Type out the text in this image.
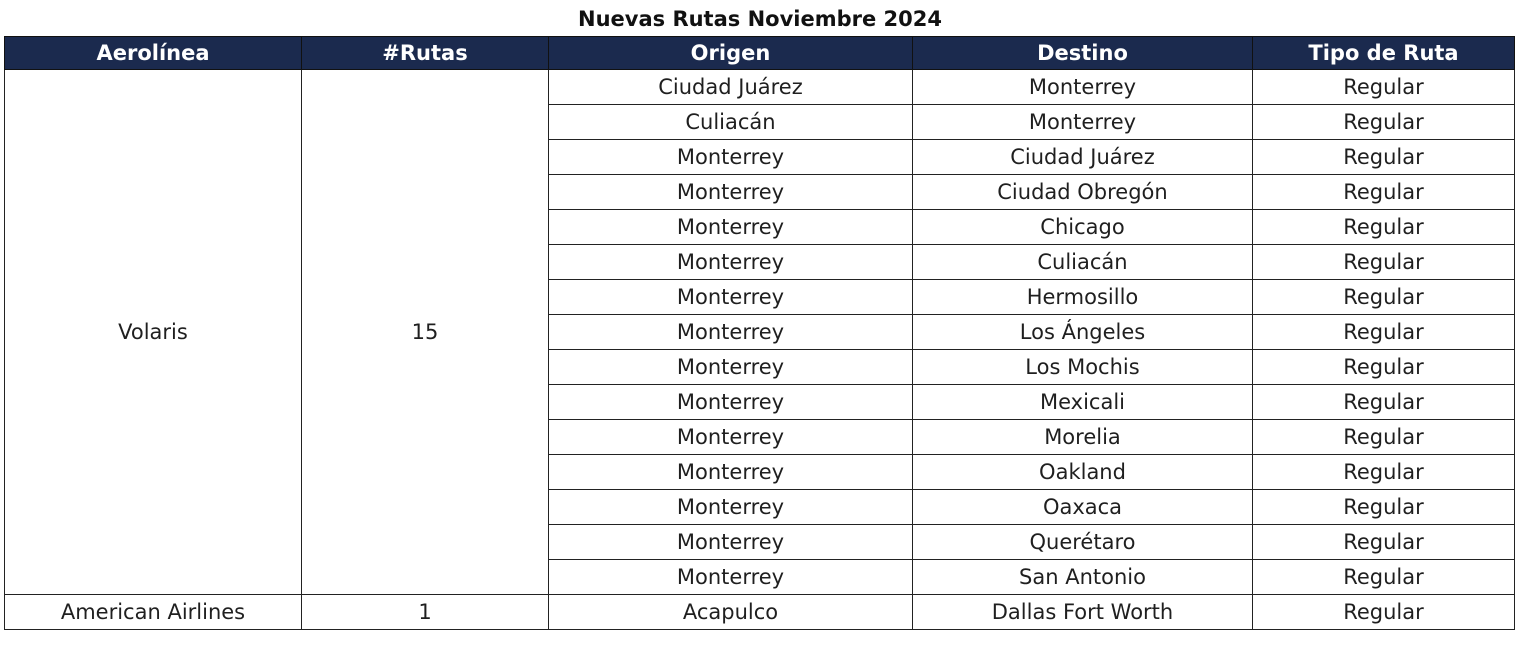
Nuevas Rutas Noviembre 2024
Aerolínea	#Rutas	Origen	Destino	Tipo de Ruta
Volaris	15	Ciudad Juárez	Monterrey	Regular
		Culiacán	Monterrey	Regular
		Monterrey	Ciudad Juárez	Regular
		Monterrey	Ciudad Obregón	Regular
		Monterrey	Chicago	Regular
		Monterrey	Culiacán	Regular
		Monterrey	Hermosillo	Regular
		Monterrey	Los Ángeles	Regular
		Monterrey	Los Mochis	Regular
		Monterrey	Mexicali	Regular
		Monterrey	Morelia	Regular
		Monterrey	Oakland	Regular
		Monterrey	Oaxaca	Regular
		Monterrey	Querétaro	Regular
		Monterrey	San Antonio	Regular
American Airlines	1	Acapulco	Dallas Fort Worth	Regular
